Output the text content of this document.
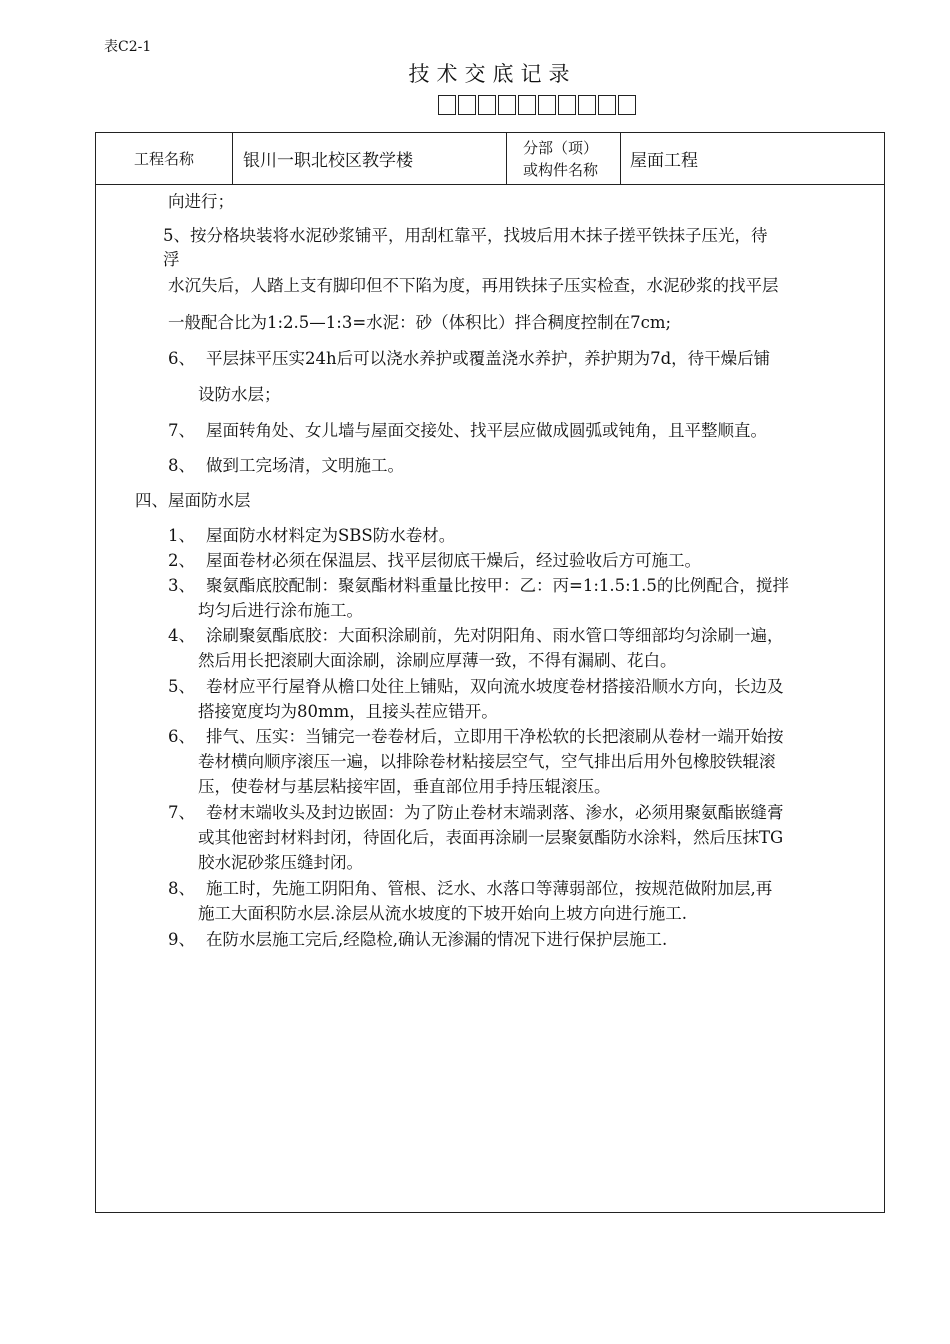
表C2-1
技术交底记录
工程名称	银川一职北校区教学楼
分部（项）
或构件名称	屋面工程
向进行；
5、按分格块装将水泥砂浆铺平，用刮杠靠平，找坡后用木抹子搓平铁抹子压光，待
浮
水沉失后，人踏上支有脚印但不下陷为度，再用铁抹子压实检查，水泥砂浆的找平层
一般配合比为1:2.5—1:3=水泥：砂（体积比）拌合稠度控制在7cm;
6、 平层抹平压实24h后可以浇水养护或覆盖浇水养护，养护期为7d，待干燥后铺
设防水层；
7、 屋面转角处、女儿墙与屋面交接处、找平层应做成圆弧或钝角，且平整顺直。
8、 做到工完场清，文明施工。
四、屋面防水层
1、 屋面防水材料定为SBS防水卷材。
2、 屋面卷材必须在保温层、找平层彻底干燥后，经过验收后方可施工。
3、 聚氨酯底胶配制：聚氨酯材料重量比按甲：乙：丙=1:1.5:1.5的比例配合，搅拌
均匀后进行涂布施工。
4、 涂刷聚氨酯底胶：大面积涂刷前，先对阴阳角、雨水管口等细部均匀涂刷一遍，
然后用长把滚刷大面涂刷，涂刷应厚薄一致，不得有漏刷、花白。
5、 卷材应平行屋脊从檐口处往上铺贴，双向流水坡度卷材搭接沿顺水方向，长边及
搭接宽度均为80mm，且接头茬应错开。
6、 排气、压实：当铺完一卷卷材后，立即用干净松软的长把滚刷从卷材一端开始按
卷材横向顺序滚压一遍，以排除卷材粘接层空气，空气排出后用外包橡胶铁辊滚
压，使卷材与基层粘接牢固，垂直部位用手持压辊滚压。
7、 卷材末端收头及封边嵌固：为了防止卷材末端剥落、渗水，必须用聚氨酯嵌缝膏
或其他密封材料封闭，待固化后，表面再涂刷一层聚氨酯防水涂料，然后压抹TG
胶水泥砂浆压缝封闭。
8、 施工时，先施工阴阳角、管根、泛水、水落口等薄弱部位，按规范做附加层,再
施工大面积防水层.涂层从流水坡度的下坡开始向上坡方向进行施工.
9、 在防水层施工完后,经隐检,确认无渗漏的情况下进行保护层施工.
